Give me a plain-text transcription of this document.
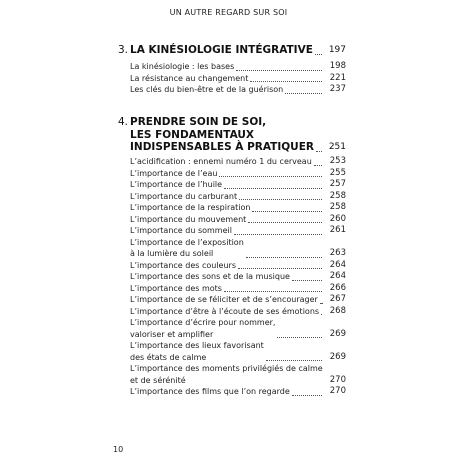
UN AUTRE REGARD SUR SOI
3. LA KINÉSIOLOGIE INTÉGRATIVE	197
La kinésiologie : les bases	198
La résistance au changement	221
Les clés du bien-être et de la guérison	237
4. PRENDRE SOIN DE SOI,
LES FONDAMENTAUX
INDISPENSABLES À PRATIQUER	251
L’acidification : ennemi numéro 1 du cerveau	253
L’importance de l’eau	255
L’importance de l’huile	257
L’importance du carburant	258
L’importance de la respiration	258
L’importance du mouvement	260
L’importance du sommeil	261
L’importance de l’exposition
à la lumière du soleil	263
L’importance des couleurs	264
L’importance des sons et de la musique	264
L’importance des mots	266
L’importance de se féliciter et de s’encourager	267
L’importance d’être à l’écoute de ses émotions	268
L’importance d’écrire pour nommer,
valoriser et amplifier	269
L’importance des lieux favorisant
des états de calme	269
L’importance des moments privilégiés de calme
et de sérénité	270
L’importance des films que l’on regarde	270
10
